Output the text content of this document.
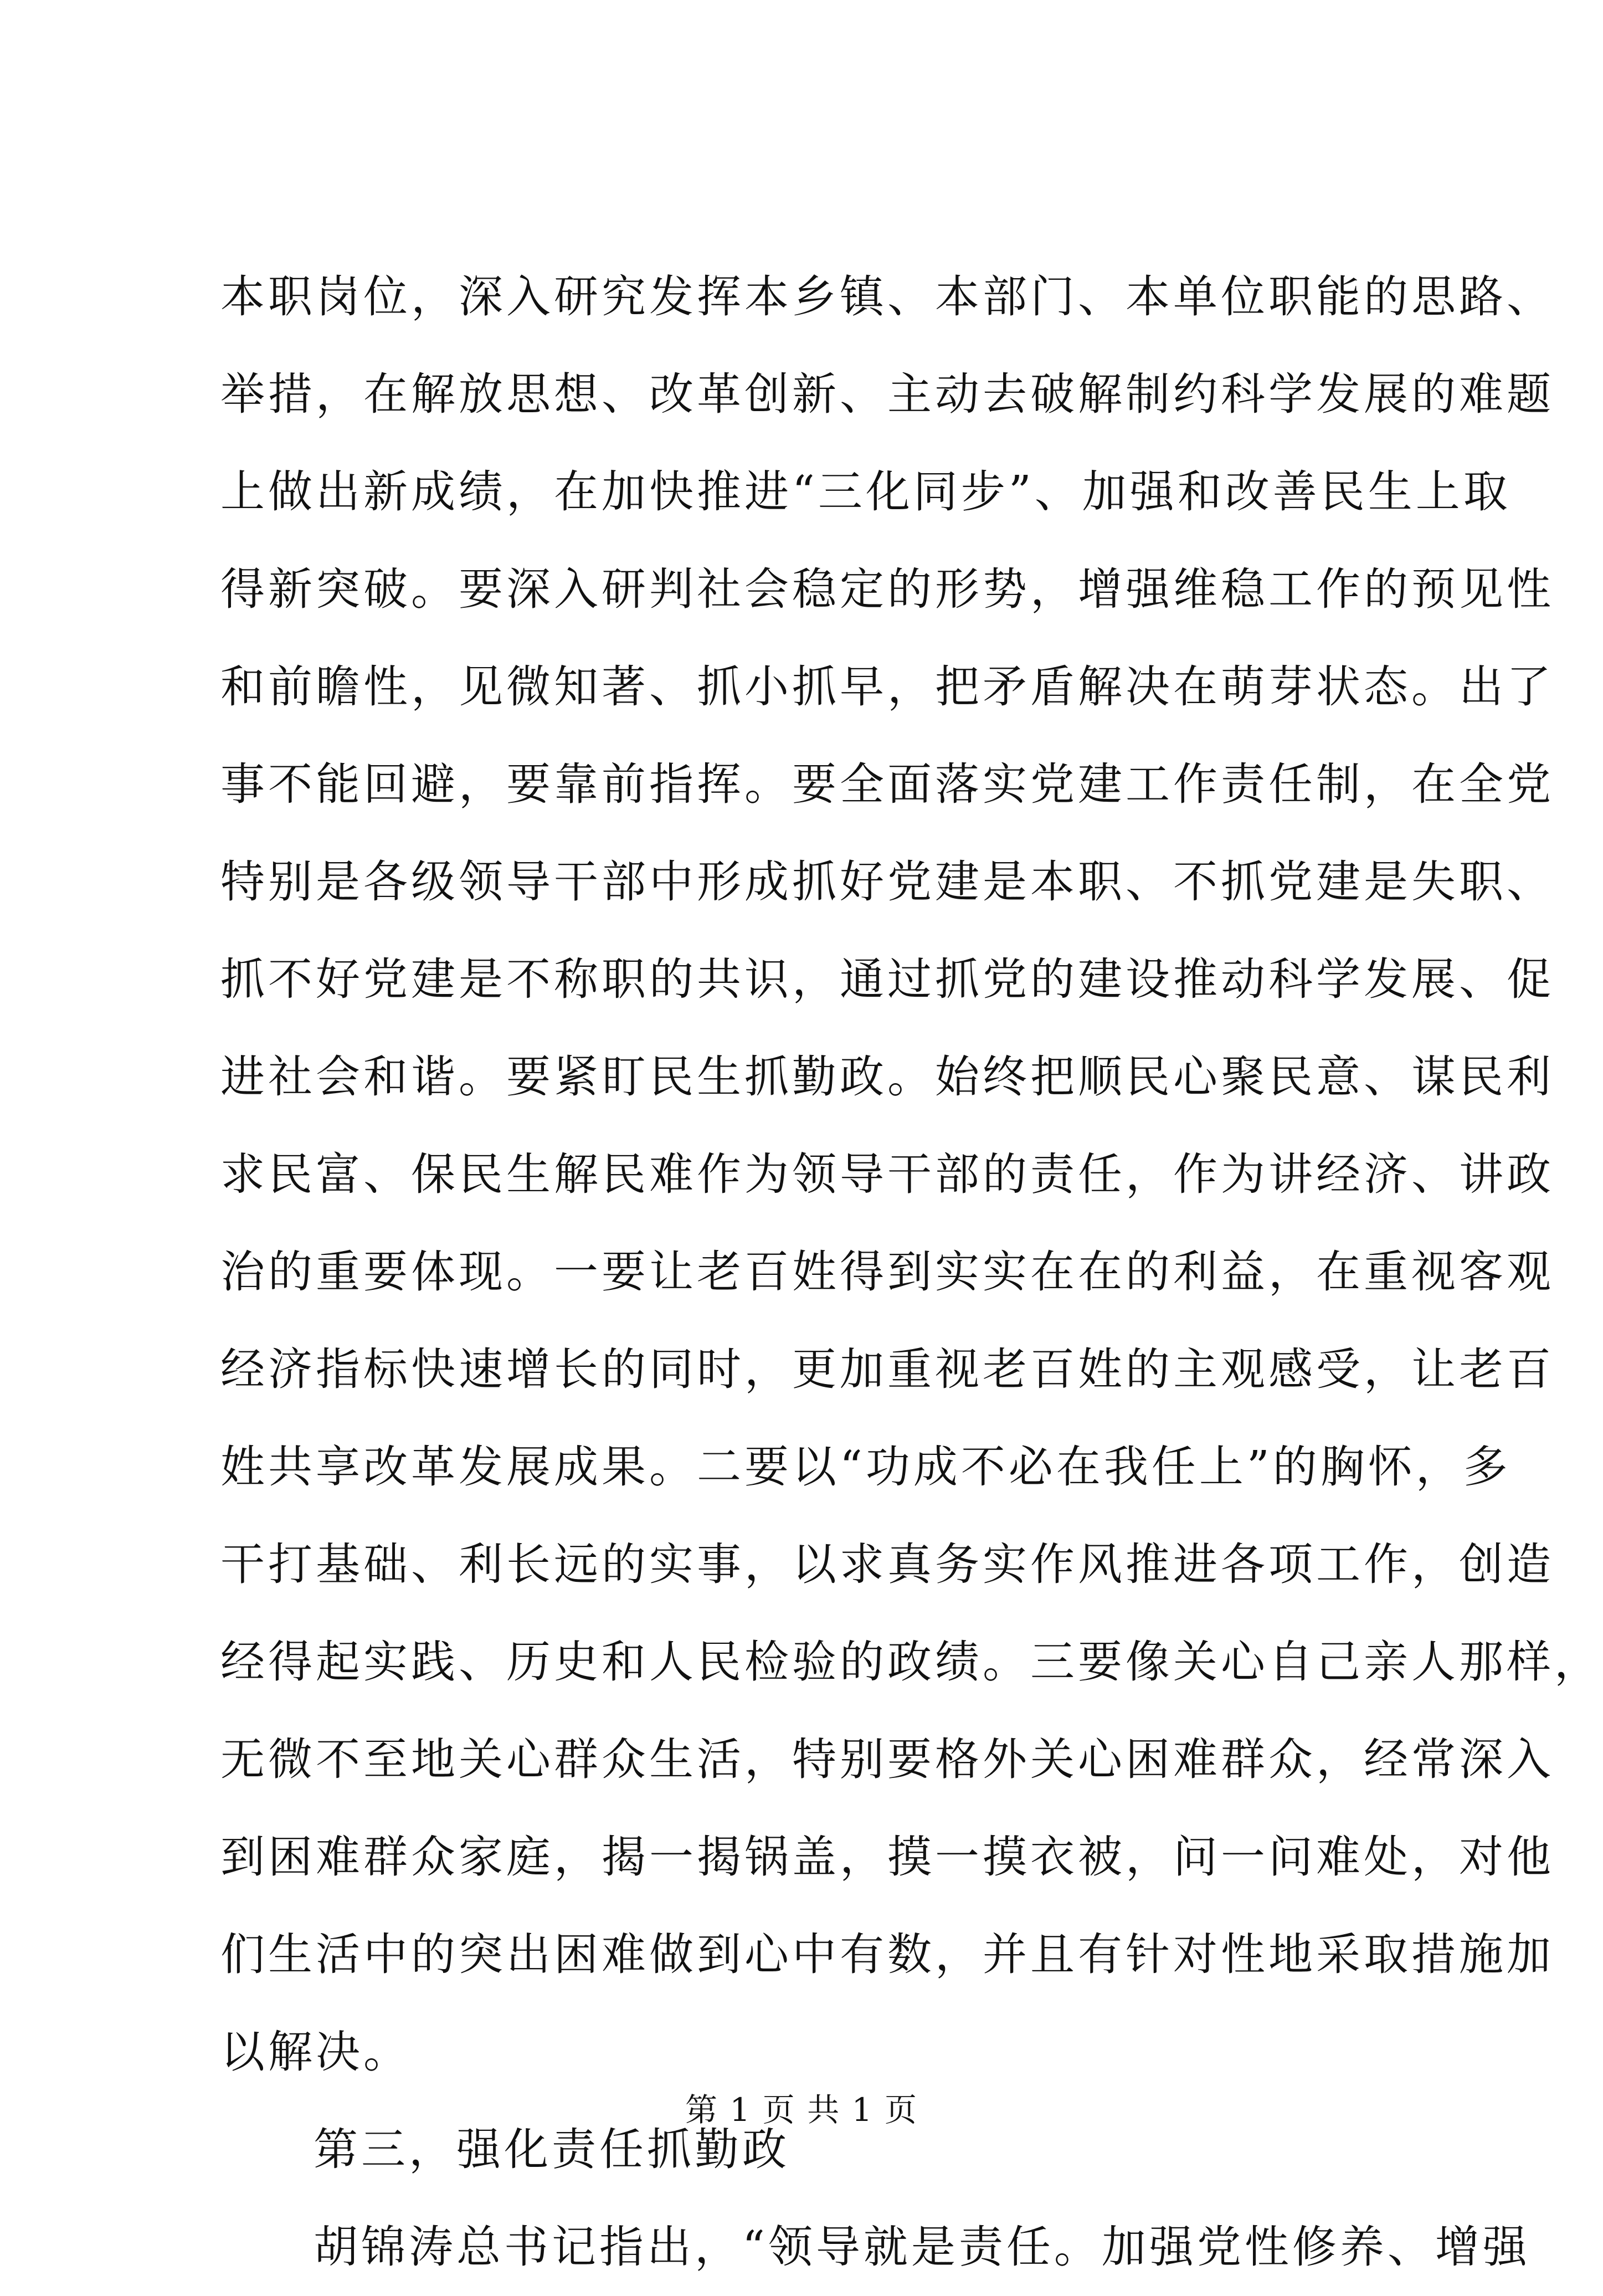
本职岗位，深入研究发挥本乡镇、本部门、本单位职能的思路、
举措，在解放思想、改革创新、主动去破解制约科学发展的难题
上做出新成绩，在加快推进“三化同步”、加强和改善民生上取
得新突破。要深入研判社会稳定的形势，增强维稳工作的预见性
和前瞻性，见微知著、抓小抓早，把矛盾解决在萌芽状态。出了
事不能回避，要靠前指挥。要全面落实党建工作责任制，在全党
特别是各级领导干部中形成抓好党建是本职、不抓党建是失职、
抓不好党建是不称职的共识，通过抓党的建设推动科学发展、促
进社会和谐。要紧盯民生抓勤政。始终把顺民心聚民意、谋民利
求民富、保民生解民难作为领导干部的责任，作为讲经济、讲政
治的重要体现。一要让老百姓得到实实在在的利益，在重视客观
经济指标快速增长的同时，更加重视老百姓的主观感受，让老百
姓共享改革发展成果。二要以“功成不必在我任上”的胸怀，多
干打基础、利长远的实事，以求真务实作风推进各项工作，创造
经得起实践、历史和人民检验的政绩。三要像关心自己亲人那样，
无微不至地关心群众生活，特别要格外关心困难群众，经常深入
到困难群众家庭，揭一揭锅盖，摸一摸衣被，问一问难处，对他
们生活中的突出困难做到心中有数，并且有针对性地采取措施加
以解决。
第三，强化责任抓勤政
胡锦涛总书记指出，“领导就是责任。加强党性修养、增强
第 1 页 共 1 页
